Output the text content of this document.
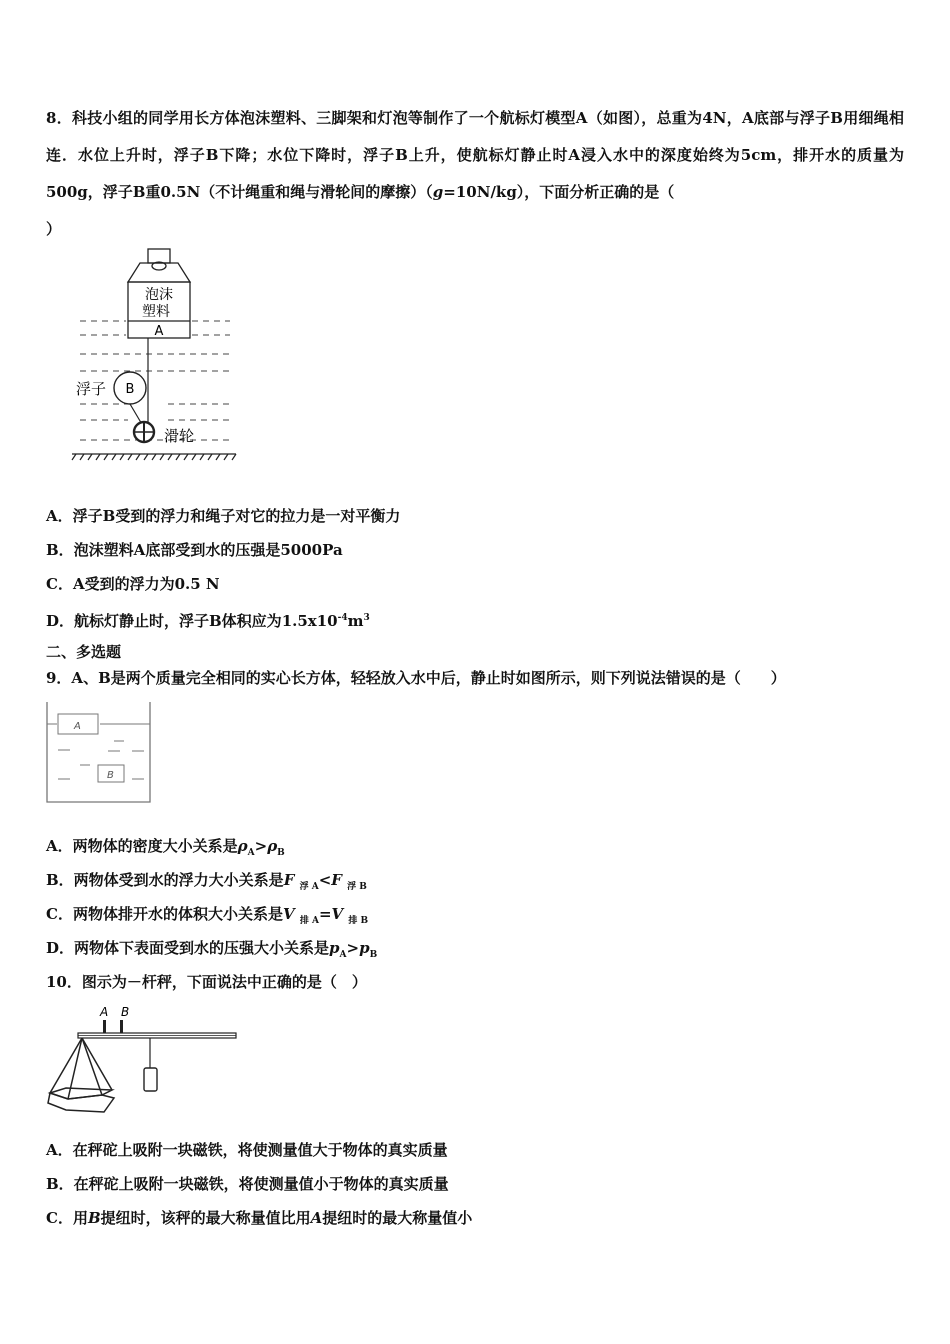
8．科技小组的同学用长方体泡沫塑料、三脚架和灯泡等制作了一个航标灯模型A（如图），总重为4N，A底部与浮子B用细绳相连．水位上升时，浮子B下降；水位下降时，浮子B上升，使航标灯静止时A浸入水中的深度始终为5cm，排开水的质量为500g，浮子B重0.5N（不计绳重和绳与滑轮间的摩擦）（g=10N/kg），下面分析正确的是（
）
泡沫
塑料
A
B
浮子
滑轮
A．浮子B受到的浮力和绳子对它的拉力是一对平衡力
B．泡沫塑料A底部受到水的压强是5000Pa
C．A受到的浮力为0.5 N
D．航标灯静止时，浮子B体积应为$1.5x10^{-4}m^3$
二、多选题
9．A、B是两个质量完全相同的实心长方体，轻轻放入水中后，静止时如图所示，则下列说法错误的是（　　）
A
B
A．两物体的密度大小关系是$\rho_A>\rho_B$
B．两物体受到水的浮力大小关系是F $_{浮 A}$<F $_{浮 B}$
C．两物体排开水的体积大小关系是V $_{排 A}$=V $_{排 B}$
D．两物体下表面受到水的压强大小关系是$p_A>p_B$
10．图示为－杆秤，下面说法中正确的是（　）
A B
A．在秤砣上吸附一块磁铁，将使测量值大于物体的真实质量
B．在秤砣上吸附一块磁铁，将使测量值小于物体的真实质量
C．用B提纽时，该秤的最大称量值比用A提纽时的最大称量值小
